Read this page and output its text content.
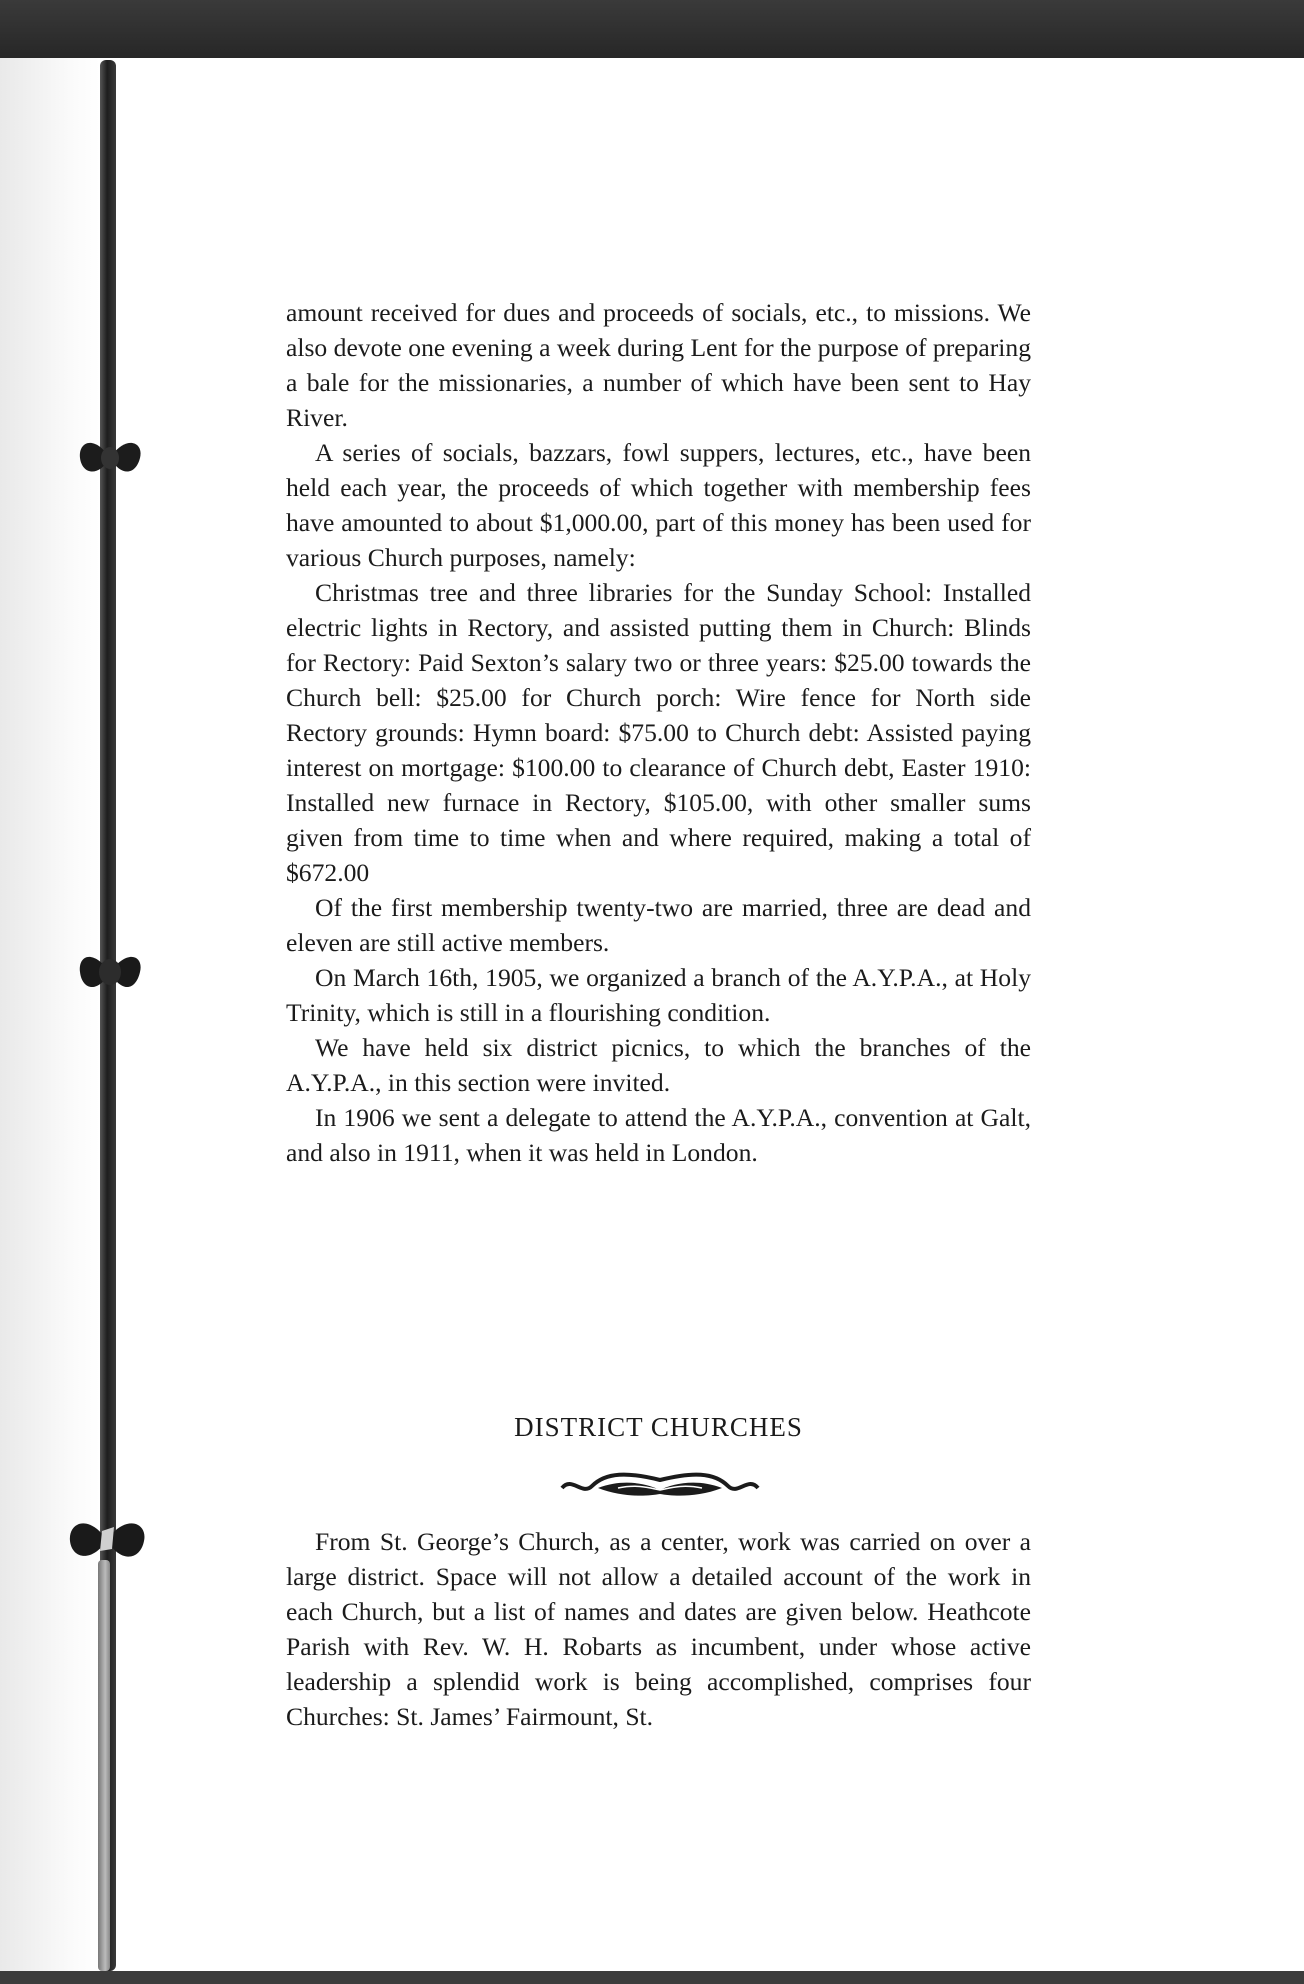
amount received for dues and proceeds of socials, etc., to missions. We also devote one evening a week during Lent for the purpose of preparing a bale for the missionaries, a number of which have been sent to Hay River.

A series of socials, bazzars, fowl suppers, lectures, etc., have been held each year, the proceeds of which together with membership fees have amounted to about $1,000.00, part of this money has been used for various Church purposes, namely:

Christmas tree and three libraries for the Sunday School: Installed electric lights in Rectory, and assisted putting them in Church: Blinds for Rectory: Paid Sexton’s salary two or three years: $25.00 towards the Church bell: $25.00 for Church porch: Wire fence for North side Rectory grounds: Hymn board: $75.00 to Church debt: Assisted paying interest on mortgage: $100.00 to clearance of Church debt, Easter 1910: Installed new furnace in Rectory, $105.00, with other smaller sums given from time to time when and where required, making a total of $672.00

Of the first membership twenty-two are married, three are dead and eleven are still active members.

On March 16th, 1905, we organized a branch of the A.Y.P.A., at Holy Trinity, which is still in a flourishing condition.

We have held six district picnics, to which the branches of the A.Y.P.A., in this section were invited.

In 1906 we sent a delegate to attend the A.Y.P.A., convention at Galt, and also in 1911, when it was held in London.

DISTRICT CHURCHES

From St. George’s Church, as a center, work was carried on over a large district. Space will not allow a detailed account of the work in each Church, but a list of names and dates are given below. Heathcote Parish with Rev. W. H. Robarts as incumbent, under whose active leadership a splendid work is being accomplished, comprises four Churches: St. James’ Fairmount, St.
